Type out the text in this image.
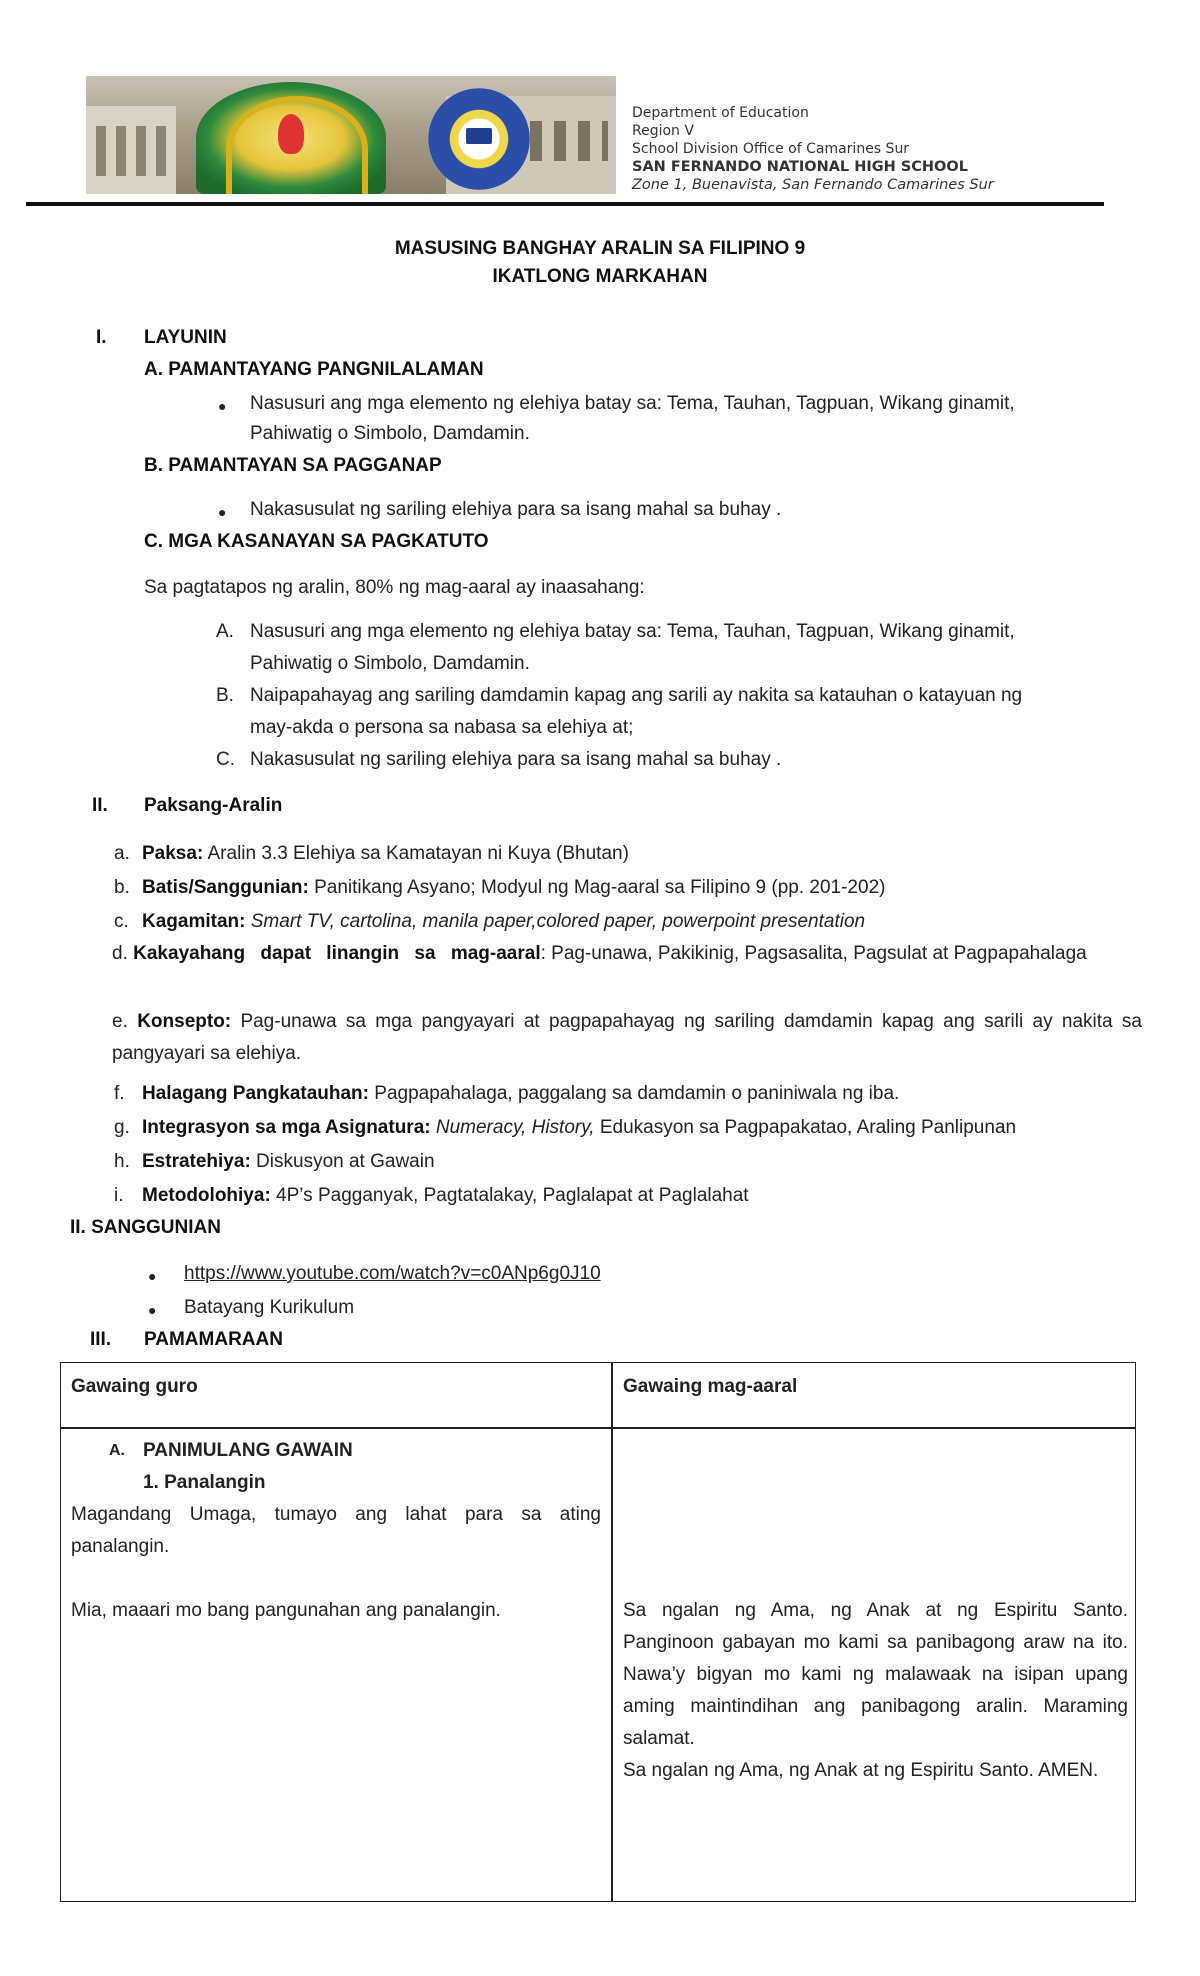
Department of Education
Region V
School Division Office of Camarines Sur
SAN FERNANDO NATIONAL HIGH SCHOOL
Zone 1, Buenavista, San Fernando Camarines Sur
MASUSING BANGHAY ARALIN SA FILIPINO 9
IKATLONG MARKAHAN
I. LAYUNIN
A. PAMANTAYANG PANGNILALAMAN
● Nasusuri ang mga elemento ng elehiya batay sa: Tema, Tauhan, Tagpuan, Wikang ginamit,
Pahiwatig o Simbolo, Damdamin.
B. PAMANTAYAN SA PAGGANAP
● Nakasusulat ng sariling elehiya para sa isang mahal sa buhay .
C. MGA KASANAYAN SA PAGKATUTO
Sa pagtatapos ng aralin, 80% ng mag-aaral ay inaasahang:
A. Nasusuri ang mga elemento ng elehiya batay sa: Tema, Tauhan, Tagpuan, Wikang ginamit,
Pahiwatig o Simbolo, Damdamin.
B. Naipapahayag ang sariling damdamin kapag ang sarili ay nakita sa katauhan o katayuan ng
may-akda o persona sa nabasa sa elehiya at;
C. Nakasusulat ng sariling elehiya para sa isang mahal sa buhay .
II. Paksang-Aralin
a. Paksa: Aralin 3.3 Elehiya sa Kamatayan ni Kuya (Bhutan)
b. Batis/Sanggunian: Panitikang Asyano; Modyul ng Mag-aaral sa Filipino 9 (pp. 201-202)
c. Kagamitan: Smart TV, cartolina, manila paper,colored paper, powerpoint presentation
d. Kakayahang dapat linangin sa mag-aaral: Pag-unawa, Pakikinig, Pagsasalita, Pagsulat at Pagpapahalaga
e. Konsepto: Pag-unawa sa mga pangyayari at pagpapahayag ng sariling damdamin kapag ang sarili ay nakita sa pangyayari sa elehiya.
f. Halagang Pangkatauhan: Pagpapahalaga, paggalang sa damdamin o paniniwala ng iba.
g. Integrasyon sa mga Asignatura: Numeracy, History, Edukasyon sa Pagpapakatao, Araling Panlipunan
h. Estratehiya: Diskusyon at Gawain
i. Metodolohiya: 4P’s Pagganyak, Pagtatalakay, Paglalapat at Paglalahat
II. SANGGUNIAN
● https://www.youtube.com/watch?v=c0ANp6g0J10
● Batayang Kurikulum
III. PAMAMARAAN
Gawaing guro	Gawaing mag-aaral
A. PANIMULANG GAWAIN
1. Panalangin
Magandang Umaga, tumayo ang lahat para sa ating panalangin.
Mia, maaari mo bang pangunahan ang panalangin.	Sa ngalan ng Ama, ng Anak at ng Espiritu Santo. Panginoon gabayan mo kami sa panibagong araw na ito. Nawa’y bigyan mo kami ng malawaak na isipan upang aming maintindihan ang panibagong aralin. Maraming salamat.
Sa ngalan ng Ama, ng Anak at ng Espiritu Santo. AMEN.
